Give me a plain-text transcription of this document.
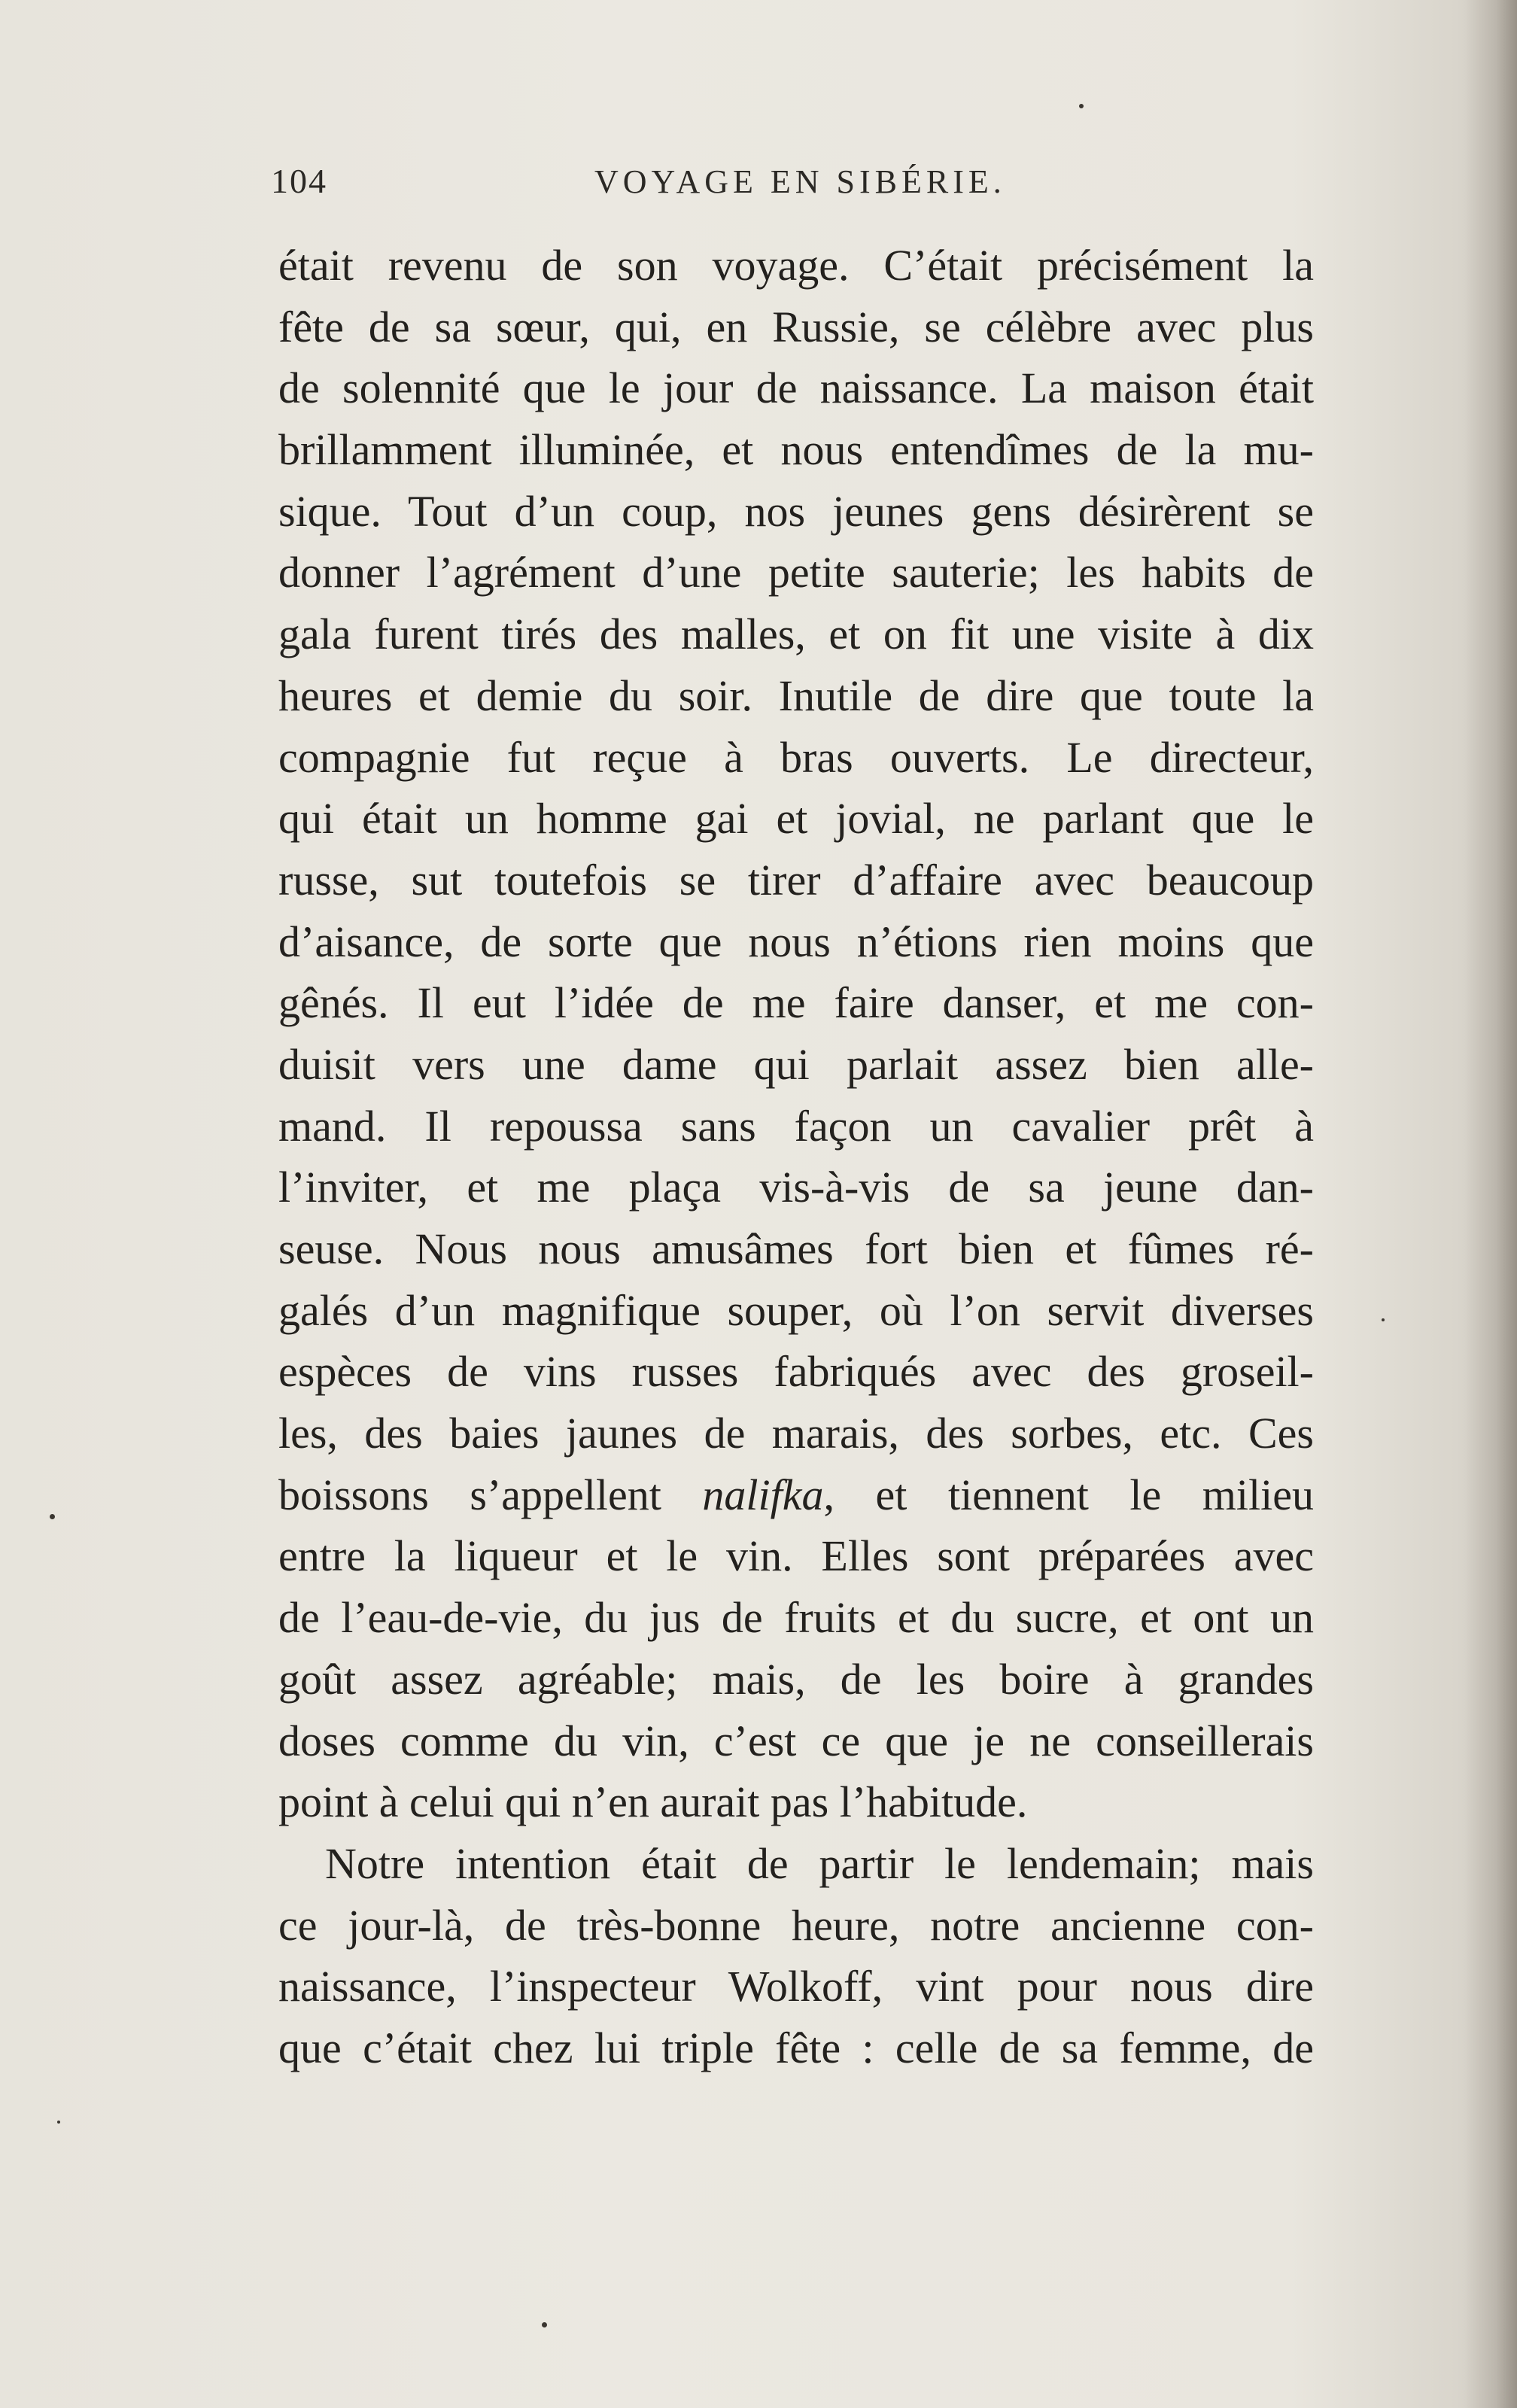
104	VOYAGE EN SIBÉRIE.
était revenu de son voyage. C’était précisément la
fête de sa sœur, qui, en Russie, se célèbre avec plus
de solennité que le jour de naissance. La maison était
brillamment illuminée, et nous entendîmes de la mu-
sique. Tout d’un coup, nos jeunes gens désirèrent se
donner l’agrément d’une petite sauterie; les habits de
gala furent tirés des malles, et on fit une visite à dix
heures et demie du soir. Inutile de dire que toute la
compagnie fut reçue à bras ouverts. Le directeur,
qui était un homme gai et jovial, ne parlant que le
russe, sut toutefois se tirer d’affaire avec beaucoup
d’aisance, de sorte que nous n’étions rien moins que
gênés. Il eut l’idée de me faire danser, et me con-
duisit vers une dame qui parlait assez bien alle-
mand. Il repoussa sans façon un cavalier prêt à
l’inviter, et me plaça vis-à-vis de sa jeune dan-
seuse. Nous nous amusâmes fort bien et fûmes ré-
galés d’un magnifique souper, où l’on servit diverses
espèces de vins russes fabriqués avec des groseil-
les, des baies jaunes de marais, des sorbes, etc. Ces
boissons s’appellent nalifka, et tiennent le milieu
entre la liqueur et le vin. Elles sont préparées avec
de l’eau-de-vie, du jus de fruits et du sucre, et ont un
goût assez agréable; mais, de les boire à grandes
doses comme du vin, c’est ce que je ne conseillerais
point à celui qui n’en aurait pas l’habitude.
Notre intention était de partir le lendemain; mais
ce jour-là, de très-bonne heure, notre ancienne con-
naissance, l’inspecteur Wolkoff, vint pour nous dire
que c’était chez lui triple fête : celle de sa femme, de
